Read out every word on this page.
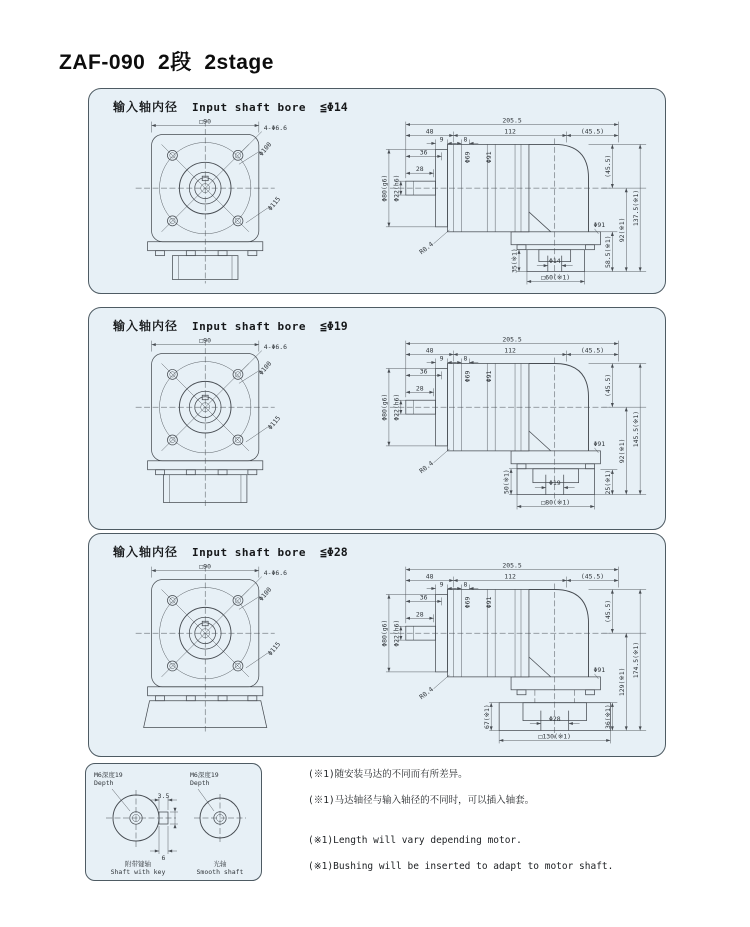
ZAF-090  2段  2stage
输入轴内径 Input shaft bore ≦Φ14
□90
4-Φ6.6
Φ100
Φ115
Φ14
205.5
48	112	(45.5)
9	8
36
28
Φ80(g6) Φ22(h6)
R0.4
Φ69 Φ91
Φ91
□60(※1)
35(※1)
(45.5)
58.5(※1)
92(※1)
137.5(※1)
输入轴内径 Input shaft bore ≦Φ19
□90
4-Φ6.6
Φ100
Φ115
Φ19
205.5
48	112	(45.5)
9	8
36
28
Φ80(g6) Φ22(h6)
R0.4
Φ69 Φ91
Φ91
□80(※1)
50(※1)
(45.5)
25(※1)
92(※1)
145.5(※1)
输入轴内径 Input shaft bore ≦Φ28
□90
4-Φ6.6
Φ100
Φ115
Φ28
205.5
48	112	(45.5)
9	8
36
28
Φ80(g6) Φ22(h6)
R0.4
Φ69 Φ91
Φ91
□130(※1)
67(※1)
(45.5)
36(※1)
129(※1)
174.5(※1)
3.5
6
M6深度19
Depth
附带键轴
Shaft with key
M6深度19
Depth
光轴
Smooth shaft

(※1)随安装马达的不同而有所差异。

(※1)马达轴径与输入轴径的不同时，可以插入轴套。

(※1)Length will vary depending motor.

(※1)Bushing will be inserted to adapt to motor shaft.
